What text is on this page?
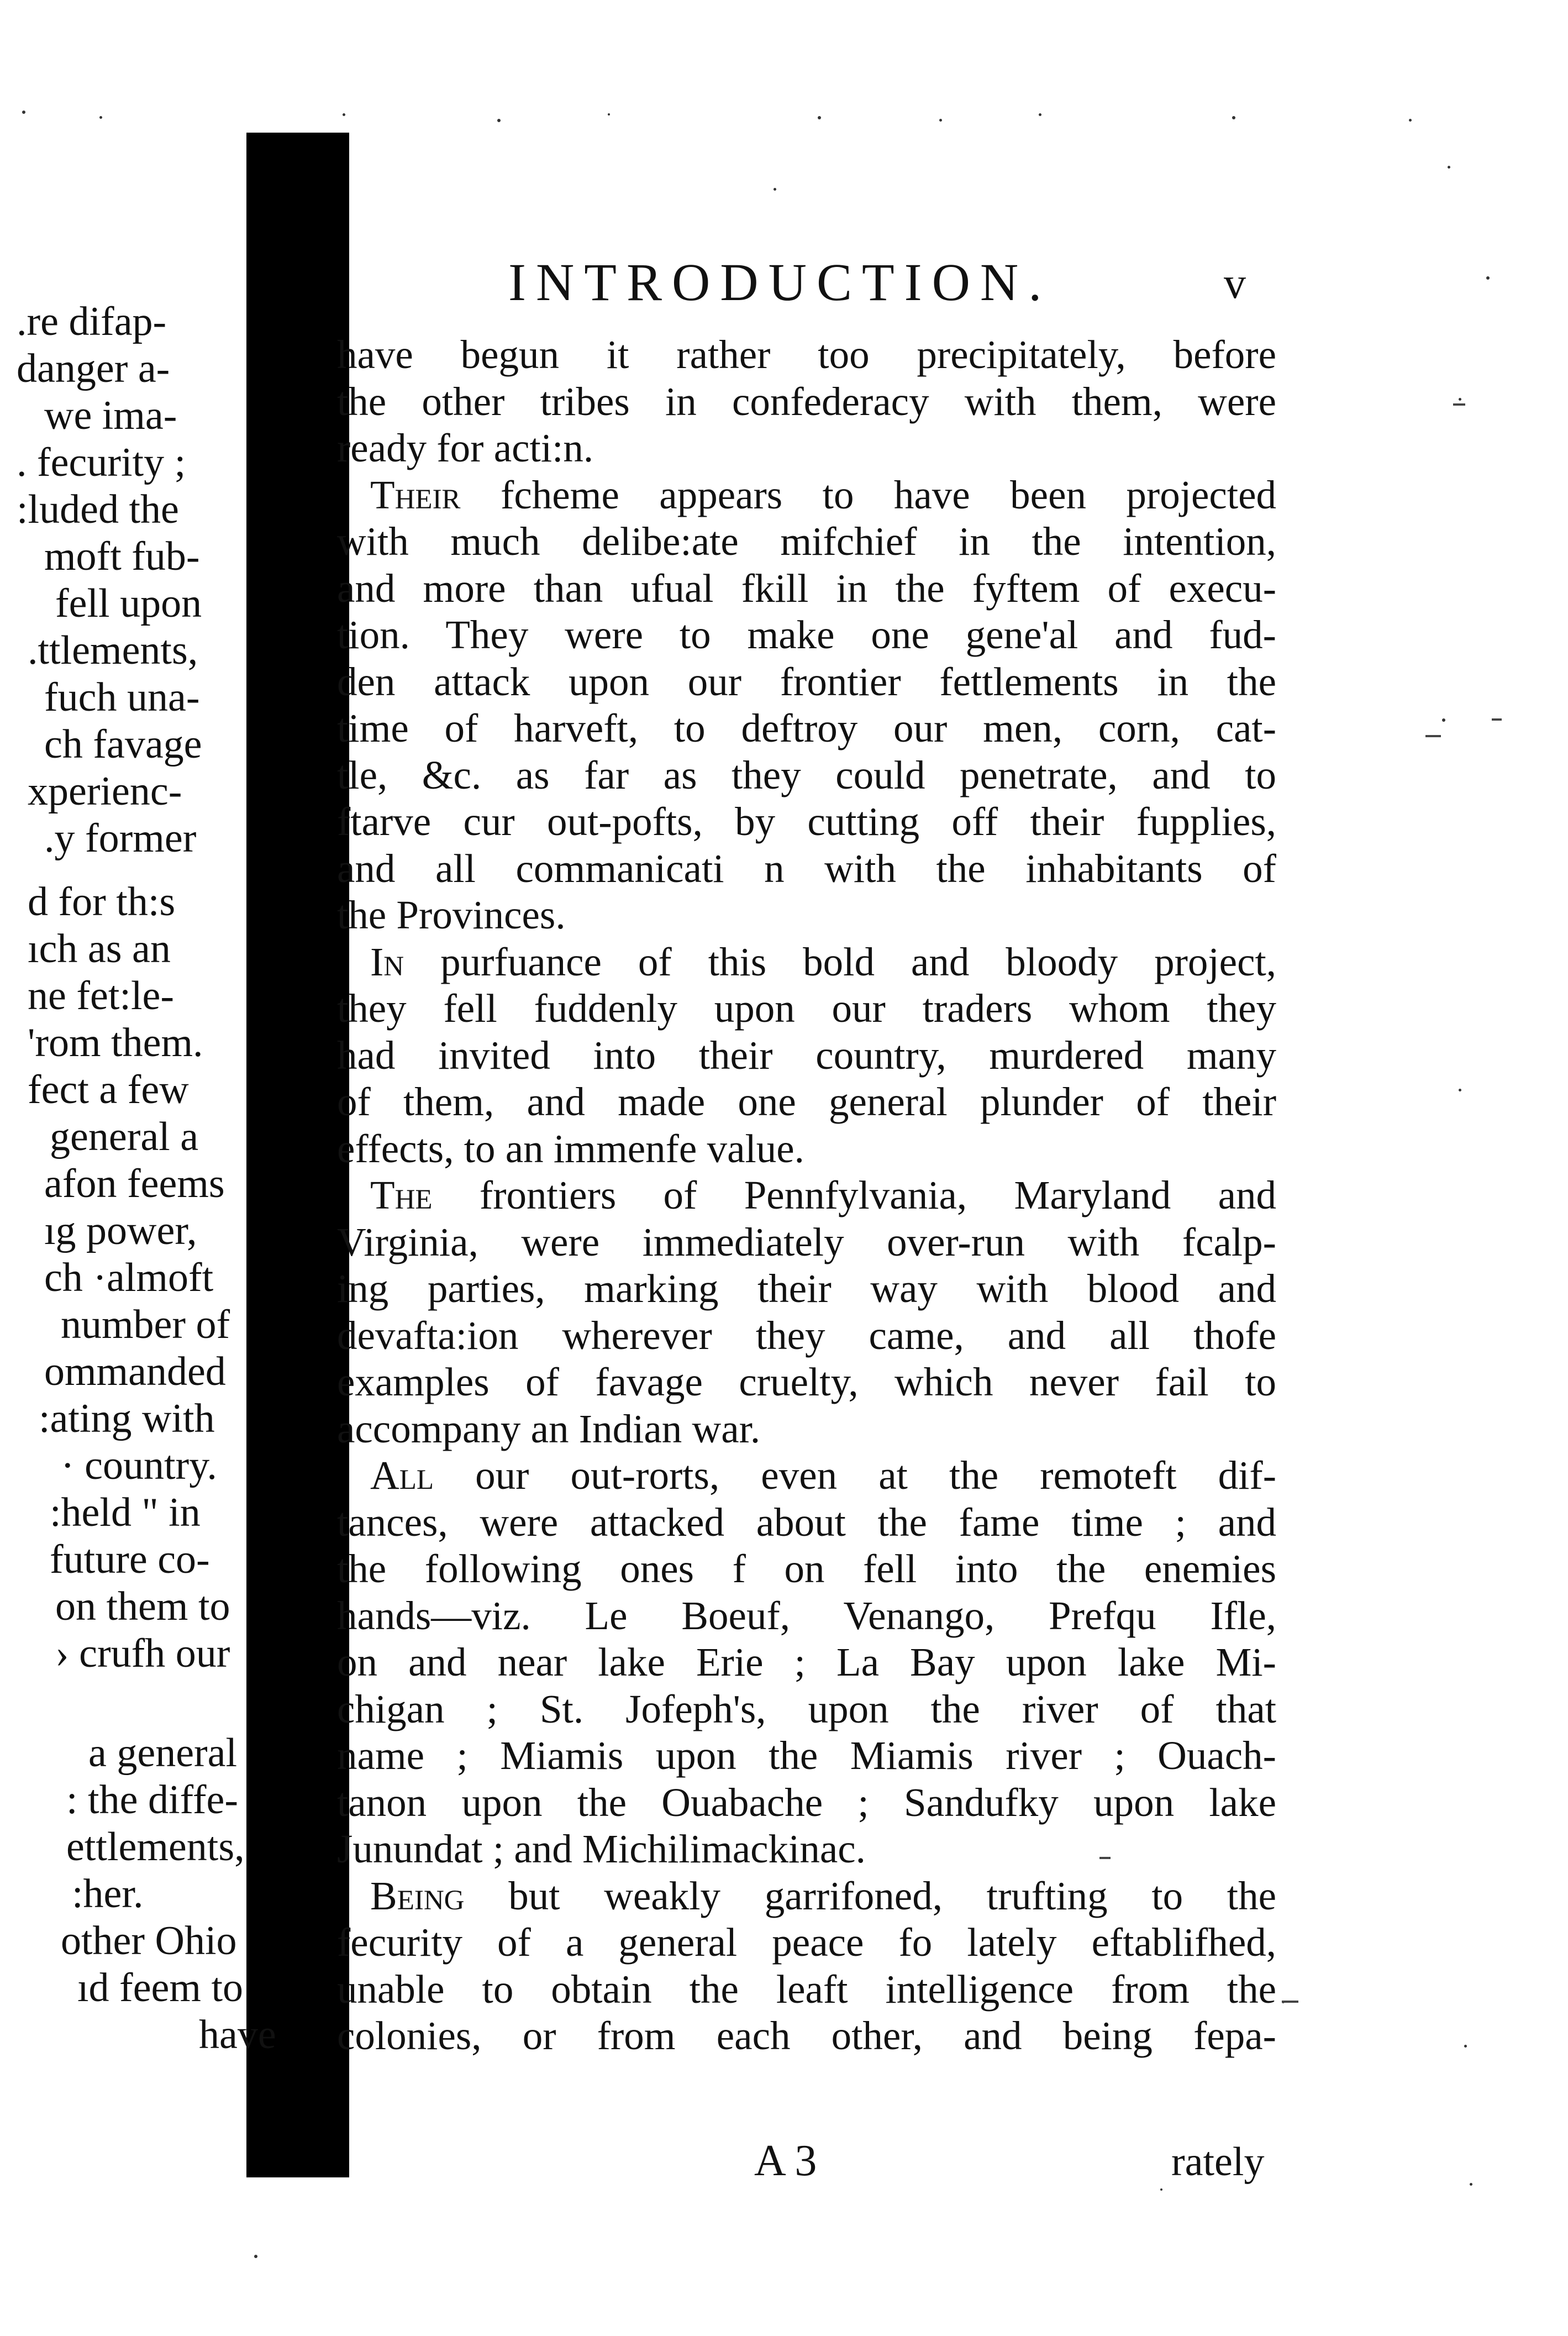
.re difap-
danger a-
we ima-
. fecurity ;
:luded the
moft fub-
fell upon
.ttlements,
fuch una-
ch favage
xperienc-
.y former
d for th:s
ıch as an
ne fet:le-
'rom them.
fect a few
general a
afon feems
ıg power,
ch ·almoft
number of
ommanded
:ating with
· country.
:held " in
future co-
on them to
› crufh our
a general
: the diffe-
ettlements,
:her.
other Ohio
ıd feem to
have
INTRODUCTION.	v
have begun it rather too precipitately, before
the other tribes in confederacy with them, were
ready for acti:n.
Their fcheme appears to have been projected
with much delibe:ate mifchief in the intention,
and more than ufual fkill in the fyftem of execu-
tion. They were to make one gene'al and fud-
den attack upon our frontier fettlements in the
time of harveft, to deftroy our men, corn, cat-
tle, &c. as far as they could penetrate, and to
ftarve cur out-pofts, by cutting off their fupplies,
and all commanicati n with the inhabitants of
the Provinces.
In purfuance of this bold and bloody project,
they fell fuddenly upon our traders whom they
had invited into their country, murdered many
of them, and made one general plunder of their
effects, to an immenfe value.
The frontiers of Pennfylvania, Maryland and
Virginia, were immediately over-run with fcalp-
ing parties, marking their way with blood and
devafta:ion wherever they came, and all thofe
examples of favage cruelty, which never fail to
accompany an Indian war.
All our out-rorts, even at the remoteft dif-
tances, were attacked about the fame time ; and
the following ones f on fell into the enemies
hands—viz. Le Boeuf, Venango, Prefqu Ifle,
on and near lake Erie ; La Bay upon lake Mi-
chigan ; St. Jofeph's, upon the river of that
name ; Miamis upon the Miamis river ; Ouach-
tanon upon the Ouabache ; Sandufky upon lake
Junundat ; and Michilimackinac.
Being but weakly garrifoned, trufting to the
fecurity of a general peace fo lately eftablifhed,
unable to obtain the leaft intelligence from the
colonies, or from each other, and being fepa-
A 3	rately
